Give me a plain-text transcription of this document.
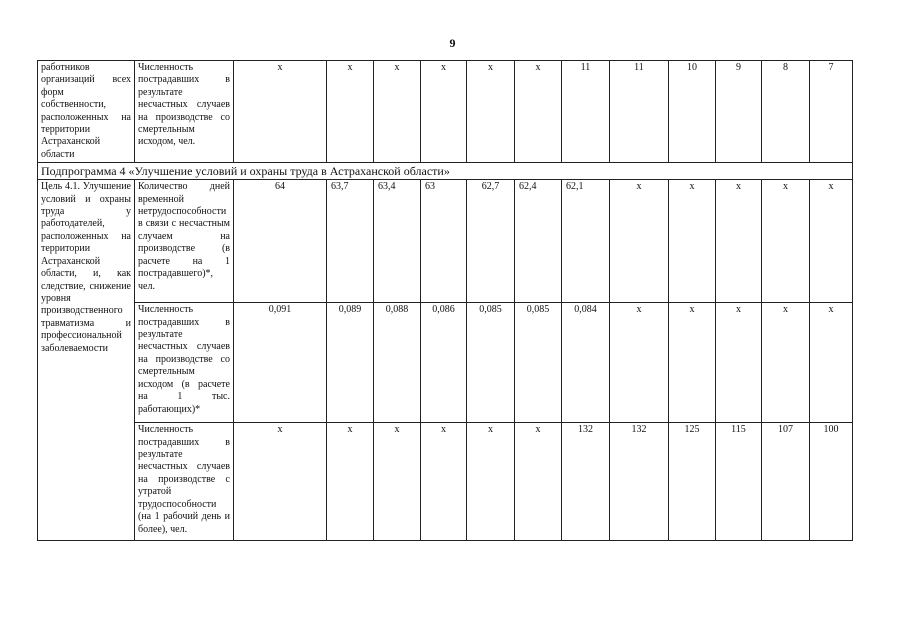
9
работников организаций всех форм собственности, расположенных на территории Астраханской области	Численность пострадавших в результате несчастных случаев на производстве со смертельным исходом, чел.	x	x	x	x	x	x	11	11	10	9	8	7
Подпрограмма 4 «Улучшение условий и охраны труда в Астраханской области»													
Цель 4.1. Улучшение условий и охраны труда у работодателей, расположенных на территории Астраханской области, и, как следствие, снижение уровня производственного травматизма и профессиональной заболеваемости	Количество дней временной нетрудоспособности в связи с несчастным случаем на производстве (в расчете на 1 пострадавшего)*, чел.	64	63,7	63,4	63	62,7	62,4	62,1	x	x	x	x	x
	Численность пострадавших в результате несчастных случаев на производстве со смертельным исходом (в расчете на 1 тыс. работающих)*	0,091	0,089	0,088	0,086	0,085	0,085	0,084	x	x	x	x	x
	Численность пострадавших в результате несчастных случаев на производстве с утратой трудоспособности (на 1 рабочий день и более), чел.	x	x	x	x	x	x	132	132	125	115	107	100
